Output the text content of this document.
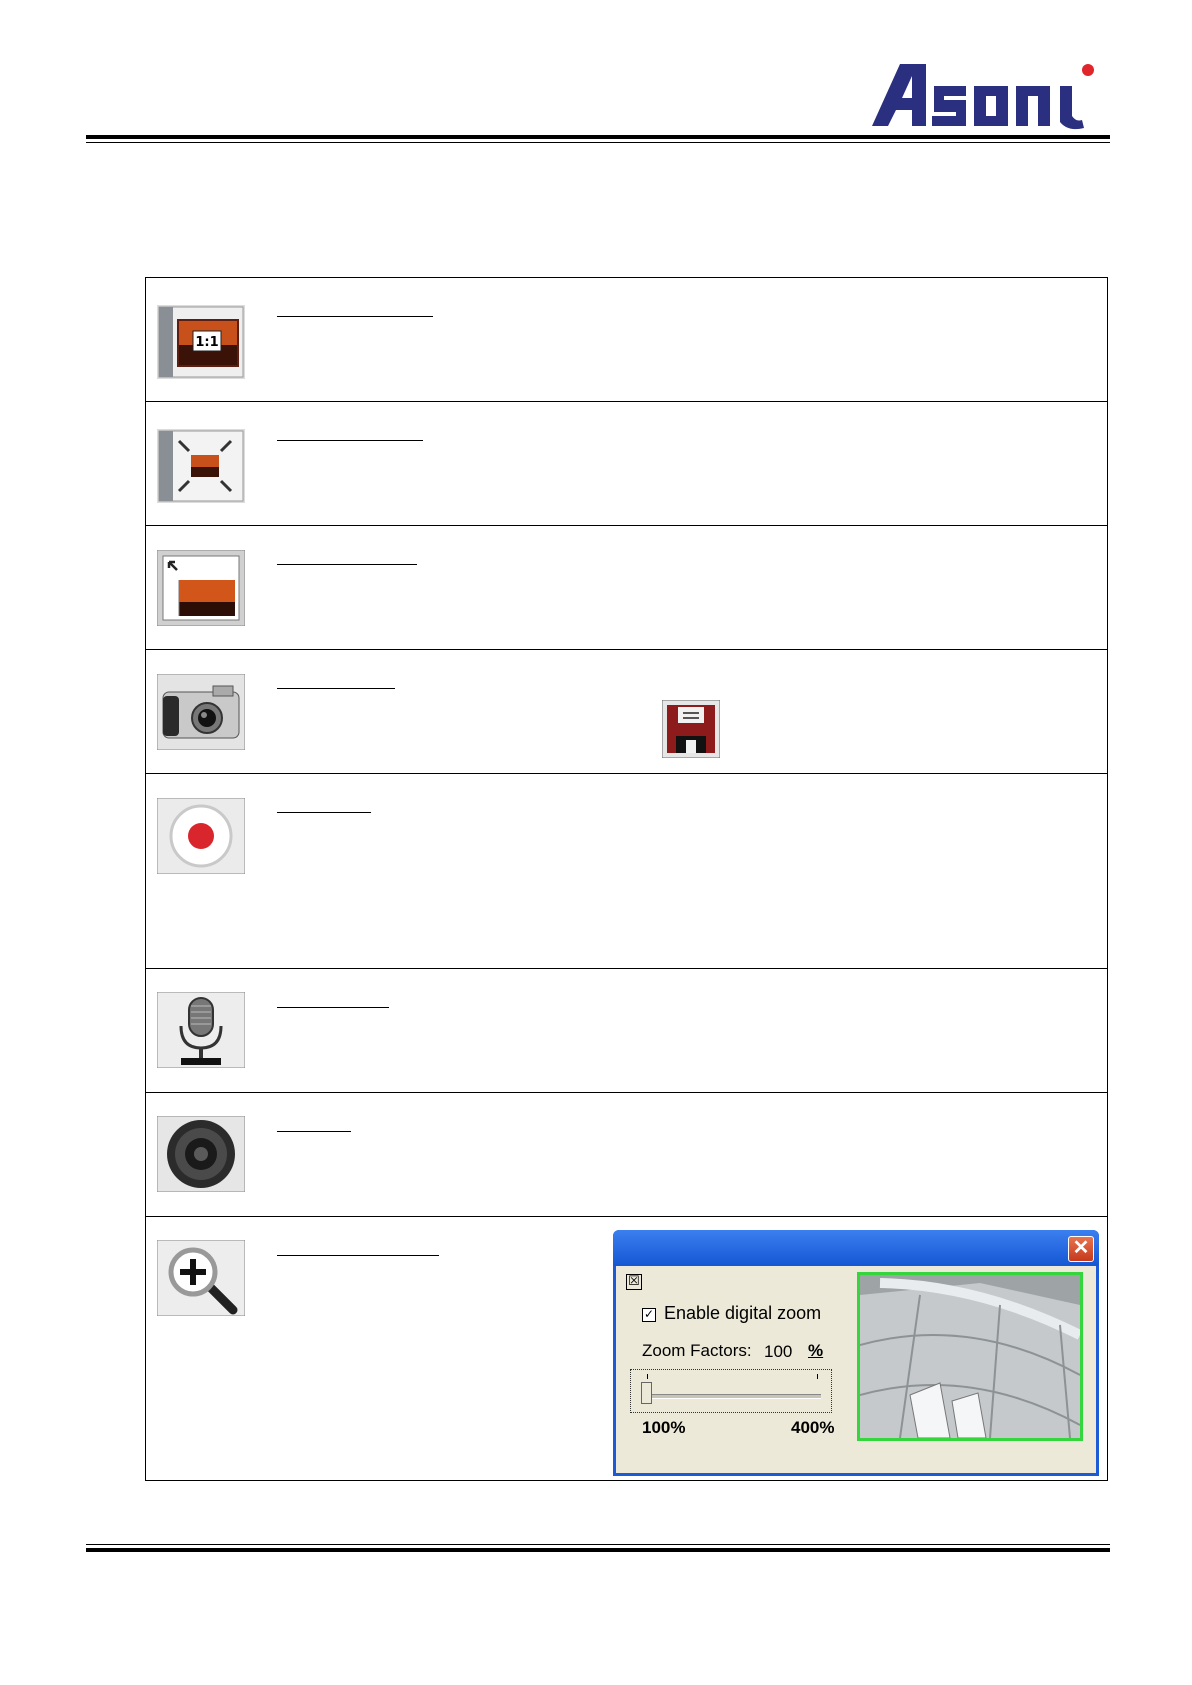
Asoni
1:1
✕
☒
✓ Enable digital zoom
Zoom Factors: 100 %
100%	400%
